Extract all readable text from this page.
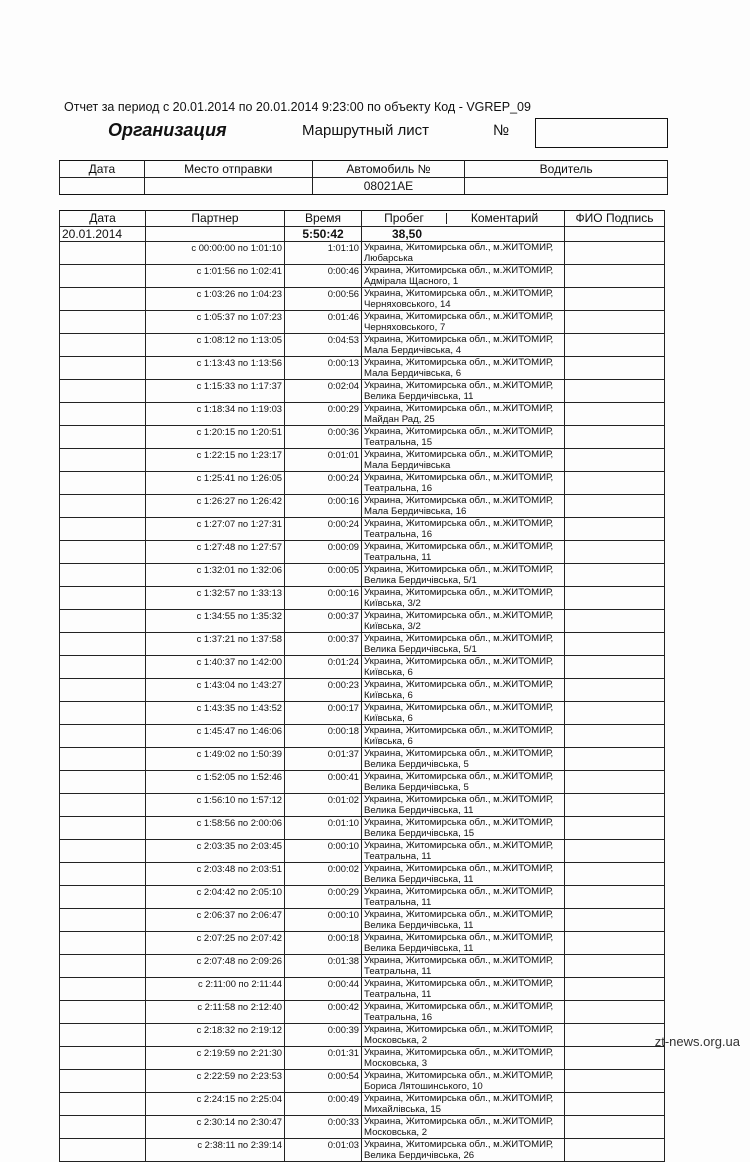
Отчет за период с 20.01.2014 по 20.01.2014 9:23:00 по объекту Код - VGREP_09
Организация	Маршрутный лист	№
Дата	Место отправки	Автомобиль №	Водитель
		08021AE	
Дата	Партнер	Время	Пробег Коментарий	ФИО Подпись
20.01.2014		5:50:42	38,50	
	с 00:00:00 по 1:01:10	1:01:10	Украина, Житомирська обл., м.ЖИТОМИР, Любарська	
	с 1:01:56 по 1:02:41	0:00:46	Украина, Житомирська обл., м.ЖИТОМИР, Адмірала Щасного, 1	
	с 1:03:26 по 1:04:23	0:00:56	Украина, Житомирська обл., м.ЖИТОМИР, Черняховського, 14	
	с 1:05:37 по 1:07:23	0:01:46	Украина, Житомирська обл., м.ЖИТОМИР, Черняховського, 7	
	с 1:08:12 по 1:13:05	0:04:53	Украина, Житомирська обл., м.ЖИТОМИР, Мала Бердичівська, 4	
	с 1:13:43 по 1:13:56	0:00:13	Украина, Житомирська обл., м.ЖИТОМИР, Мала Бердичівська, 6	
	с 1:15:33 по 1:17:37	0:02:04	Украина, Житомирська обл., м.ЖИТОМИР, Велика Бердичівська, 11	
	с 1:18:34 по 1:19:03	0:00:29	Украина, Житомирська обл., м.ЖИТОМИР, Майдан Рад, 25	
	с 1:20:15 по 1:20:51	0:00:36	Украина, Житомирська обл., м.ЖИТОМИР, Театральна, 15	
	с 1:22:15 по 1:23:17	0:01:01	Украина, Житомирська обл., м.ЖИТОМИР, Мала Бердичівська	
	с 1:25:41 по 1:26:05	0:00:24	Украина, Житомирська обл., м.ЖИТОМИР, Театральна, 16	
	с 1:26:27 по 1:26:42	0:00:16	Украина, Житомирська обл., м.ЖИТОМИР, Мала Бердичівська, 16	
	с 1:27:07 по 1:27:31	0:00:24	Украина, Житомирська обл., м.ЖИТОМИР, Театральна, 16	
	с 1:27:48 по 1:27:57	0:00:09	Украина, Житомирська обл., м.ЖИТОМИР, Театральна, 11	
	с 1:32:01 по 1:32:06	0:00:05	Украина, Житомирська обл., м.ЖИТОМИР, Велика Бердичівська, 5/1	
	с 1:32:57 по 1:33:13	0:00:16	Украина, Житомирська обл., м.ЖИТОМИР, Київська, 3/2	
	с 1:34:55 по 1:35:32	0:00:37	Украина, Житомирська обл., м.ЖИТОМИР, Київська, 3/2	
	с 1:37:21 по 1:37:58	0:00:37	Украина, Житомирська обл., м.ЖИТОМИР, Велика Бердичівська, 5/1	
	с 1:40:37 по 1:42:00	0:01:24	Украина, Житомирська обл., м.ЖИТОМИР, Київська, 6	
	с 1:43:04 по 1:43:27	0:00:23	Украина, Житомирська обл., м.ЖИТОМИР, Київська, 6	
	с 1:43:35 по 1:43:52	0:00:17	Украина, Житомирська обл., м.ЖИТОМИР, Київська, 6	
	с 1:45:47 по 1:46:06	0:00:18	Украина, Житомирська обл., м.ЖИТОМИР, Київська, 6	
	с 1:49:02 по 1:50:39	0:01:37	Украина, Житомирська обл., м.ЖИТОМИР, Велика Бердичівська, 5	
	с 1:52:05 по 1:52:46	0:00:41	Украина, Житомирська обл., м.ЖИТОМИР, Велика Бердичівська, 5	
	с 1:56:10 по 1:57:12	0:01:02	Украина, Житомирська обл., м.ЖИТОМИР, Велика Бердичівська, 11	
	с 1:58:56 по 2:00:06	0:01:10	Украина, Житомирська обл., м.ЖИТОМИР, Велика Бердичівська, 15	
	с 2:03:35 по 2:03:45	0:00:10	Украина, Житомирська обл., м.ЖИТОМИР, Театральна, 11	
	с 2:03:48 по 2:03:51	0:00:02	Украина, Житомирська обл., м.ЖИТОМИР, Велика Бердичівська, 11	
	с 2:04:42 по 2:05:10	0:00:29	Украина, Житомирська обл., м.ЖИТОМИР, Театральна, 11	
	с 2:06:37 по 2:06:47	0:00:10	Украина, Житомирська обл., м.ЖИТОМИР, Велика Бердичівська, 11	
	с 2:07:25 по 2:07:42	0:00:18	Украина, Житомирська обл., м.ЖИТОМИР, Велика Бердичівська, 11	
	с 2:07:48 по 2:09:26	0:01:38	Украина, Житомирська обл., м.ЖИТОМИР, Театральна, 11	
	с 2:11:00 по 2:11:44	0:00:44	Украина, Житомирська обл., м.ЖИТОМИР, Театральна, 11	
	с 2:11:58 по 2:12:40	0:00:42	Украина, Житомирська обл., м.ЖИТОМИР, Театральна, 16	
	с 2:18:32 по 2:19:12	0:00:39	Украина, Житомирська обл., м.ЖИТОМИР, Московська, 2	
	с 2:19:59 по 2:21:30	0:01:31	Украина, Житомирська обл., м.ЖИТОМИР, Московська, 3	
	с 2:22:59 по 2:23:53	0:00:54	Украина, Житомирська обл., м.ЖИТОМИР, Бориса Лятошинського, 10	
	с 2:24:15 по 2:25:04	0:00:49	Украина, Житомирська обл., м.ЖИТОМИР, Михайлівська, 15	
	с 2:30:14 по 2:30:47	0:00:33	Украина, Житомирська обл., м.ЖИТОМИР, Московська, 2	
	с 2:38:11 по 2:39:14	0:01:03	Украина, Житомирська обл., м.ЖИТОМИР, Велика Бердичівська, 26	
zt-news.org.ua
